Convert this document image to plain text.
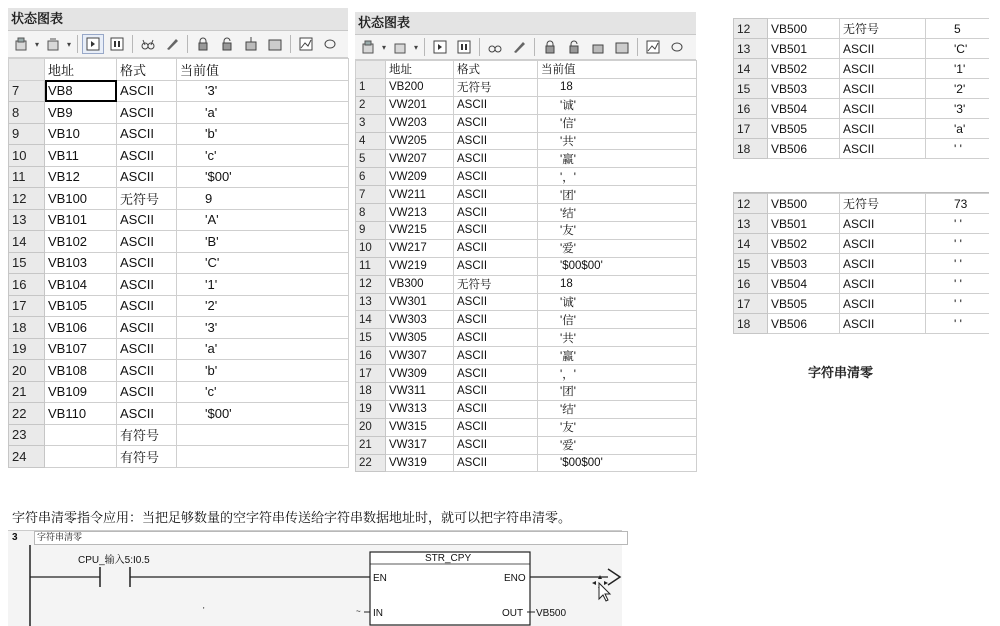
状态图表
▾	▾
	地址	格式	当前值
7	VB8	ASCII	'3'
8	VB9	ASCII	'a'
9	VB10	ASCII	'b'
10	VB11	ASCII	'c'
11	VB12	ASCII	'$00'
12	VB100	无符号	9
13	VB101	ASCII	'A'
14	VB102	ASCII	'B'
15	VB103	ASCII	'C'
16	VB104	ASCII	'1'
17	VB105	ASCII	'2'
18	VB106	ASCII	'3'
19	VB107	ASCII	'a'
20	VB108	ASCII	'b'
21	VB109	ASCII	'c'
22	VB110	ASCII	'$00'
23		有符号	
24		有符号	
状态图表
▾	▾
	地址	格式	当前值
1	VB200	无符号	18
2	VW201	ASCII	'诚'
3	VW203	ASCII	'信'
4	VW205	ASCII	'共'
5	VW207	ASCII	'赢'
6	VW209	ASCII	'，'
7	VW211	ASCII	'团'
8	VW213	ASCII	'结'
9	VW215	ASCII	'友'
10	VW217	ASCII	'爱'
11	VW219	ASCII	'$00$00'
12	VB300	无符号	18
13	VW301	ASCII	'诚'
14	VW303	ASCII	'信'
15	VW305	ASCII	'共'
16	VW307	ASCII	'赢'
17	VW309	ASCII	'，'
18	VW311	ASCII	'团'
19	VW313	ASCII	'结'
20	VW315	ASCII	'友'
21	VW317	ASCII	'爱'
22	VW319	ASCII	'$00$00'
12	VB500	无符号	5
13	VB501	ASCII	'C'
14	VB502	ASCII	'1'
15	VB503	ASCII	'2'
16	VB504	ASCII	'3'
17	VB505	ASCII	'a'
18	VB506	ASCII	' '
12	VB500	无符号	73
13	VB501	ASCII	' '
14	VB502	ASCII	' '
15	VB503	ASCII	' '
16	VB504	ASCII	' '
17	VB505	ASCII	' '
18	VB506	ASCII	' '
字符串清零
字符串清零指令应用：当把足够数量的空字符串传送给字符串数据地址时，就可以把字符串清零。
CPU_输入5:I0.5	STR_CPY
EN	ENO
~ IN	OUT VB500
'
3	字符串清零
